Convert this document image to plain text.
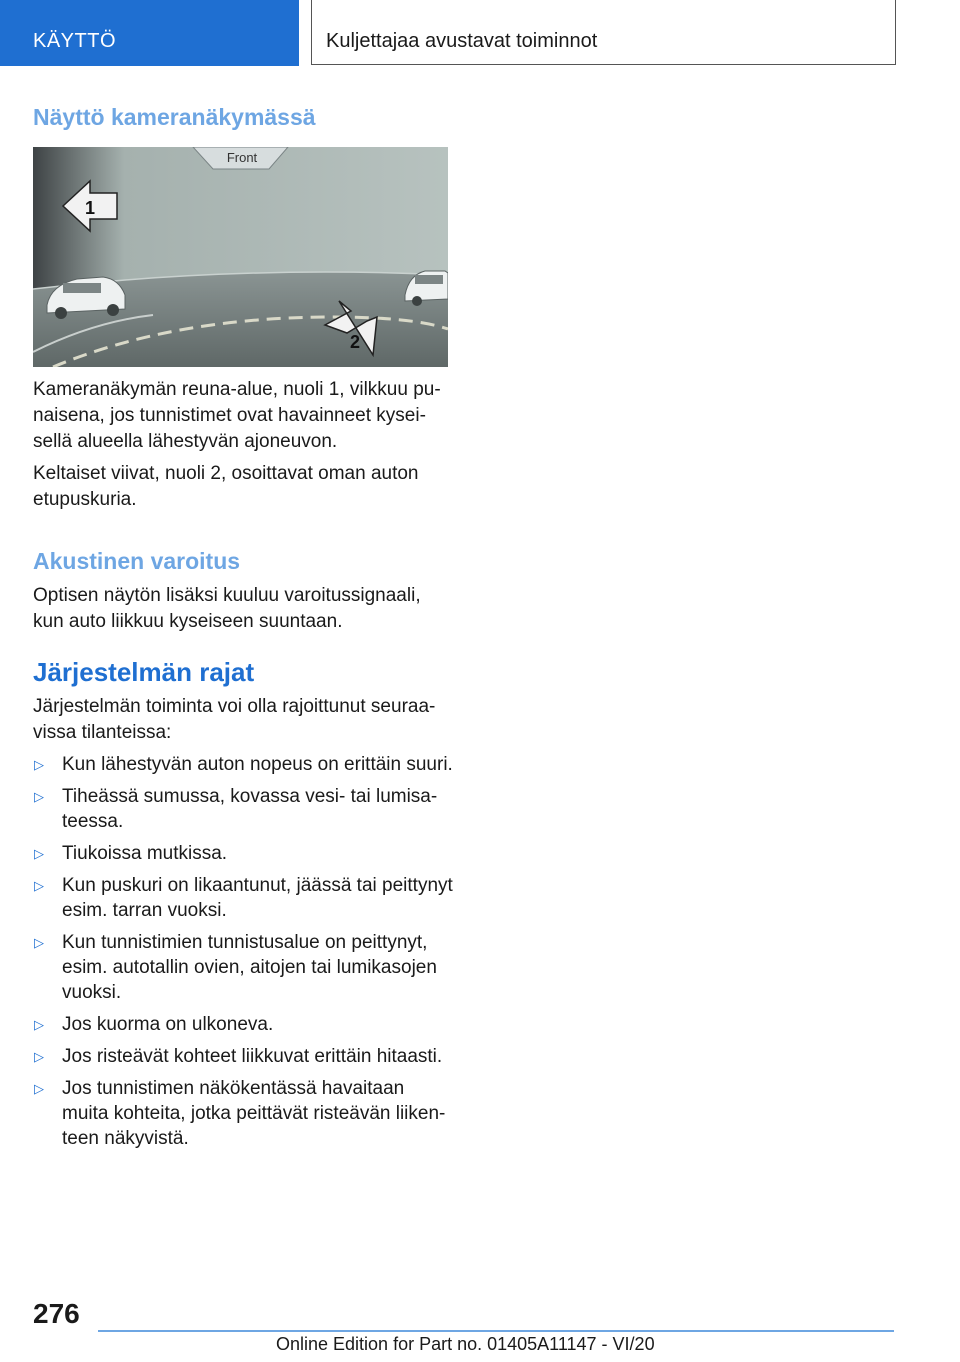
KÄYTTÖ	Kuljettajaa avustavat toiminnot
Näyttö kameranäkymässä
Front
1
2

Kameranäkymän reuna-alue, nuoli 1, vilkkuu punaisena, jos tunnistimet ovat havainneet kyseisellä alueella lähestyvän ajoneuvon.

Keltaiset viivat, nuoli 2, osoittavat oman auton etupuskuria.

Akustinen varoitus

Optisen näytön lisäksi kuuluu varoitussignaali, kun auto liikkuu kyseiseen suuntaan.

Järjestelmän rajat

Järjestelmän toiminta voi olla rajoittunut seuraavissa tilanteissa:

▷ Kun lähestyvän auton nopeus on erittäin suuri.
▷ Tiheässä sumussa, kovassa vesi- tai lumisateessa.
▷ Tiukoissa mutkissa.
▷ Kun puskuri on likaantunut, jäässä tai peittynyt esim. tarran vuoksi.
▷ Kun tunnistimien tunnistusalue on peittynyt, esim. autotallin ovien, aitojen tai lumikasojen vuoksi.
▷ Jos kuorma on ulkoneva.
▷ Jos risteävät kohteet liikkuvat erittäin hitaasti.
▷ Jos tunnistimen näkökentässä havaitaan muita kohteita, jotka peittävät risteävän liikenteen näkyvistä.
276
Online Edition for Part no. 01405A11147 - VI/20
